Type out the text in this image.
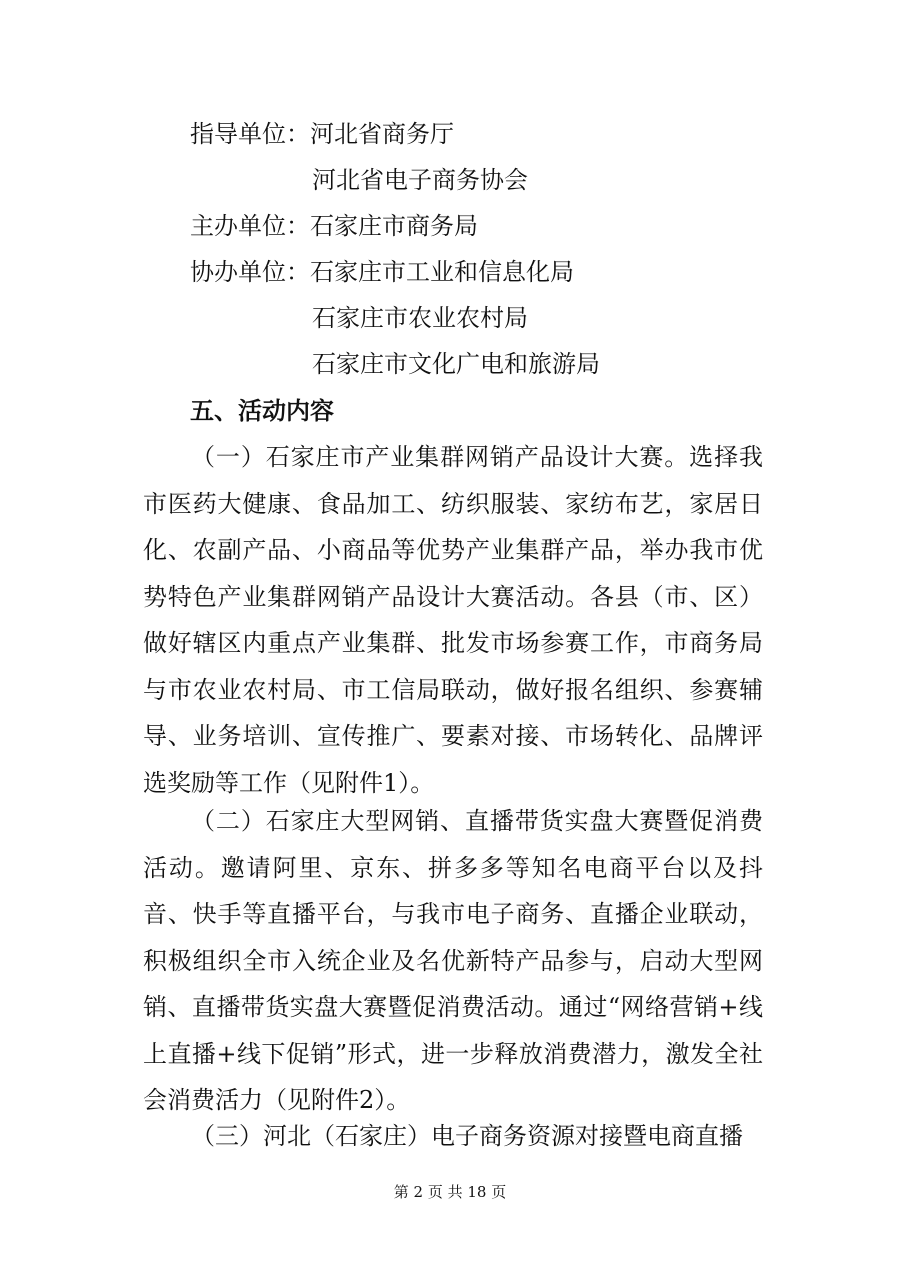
指导单位：河北省商务厅
河北省电子商务协会
主办单位：石家庄市商务局
协办单位：石家庄市工业和信息化局
石家庄市农业农村局
石家庄市文化广电和旅游局
五、活动内容
（一）石家庄市产业集群网销产品设计大赛。选择我市医药大健康、食品加工、纺织服装、家纺布艺，家居日化、农副产品、小商品等优势产业集群产品，举办我市优势特色产业集群网销产品设计大赛活动。各县（市、区）做好辖区内重点产业集群、批发市场参赛工作，市商务局与市农业农村局、市工信局联动，做好报名组织、参赛辅导、业务培训、宣传推广、要素对接、市场转化、品牌评选奖励等工作（见附件1）。
（二）石家庄大型网销、直播带货实盘大赛暨促消费活动。邀请阿里、京东、拼多多等知名电商平台以及抖音、快手等直播平台，与我市电子商务、直播企业联动，积极组织全市入统企业及名优新特产品参与，启动大型网销、直播带货实盘大赛暨促消费活动。通过“网络营销+线上直播+线下促销”形式，进一步释放消费潜力，激发全社会消费活力（见附件2）。
（三）河北（石家庄）电子商务资源对接暨电商直播
第 2 页 共 18 页
